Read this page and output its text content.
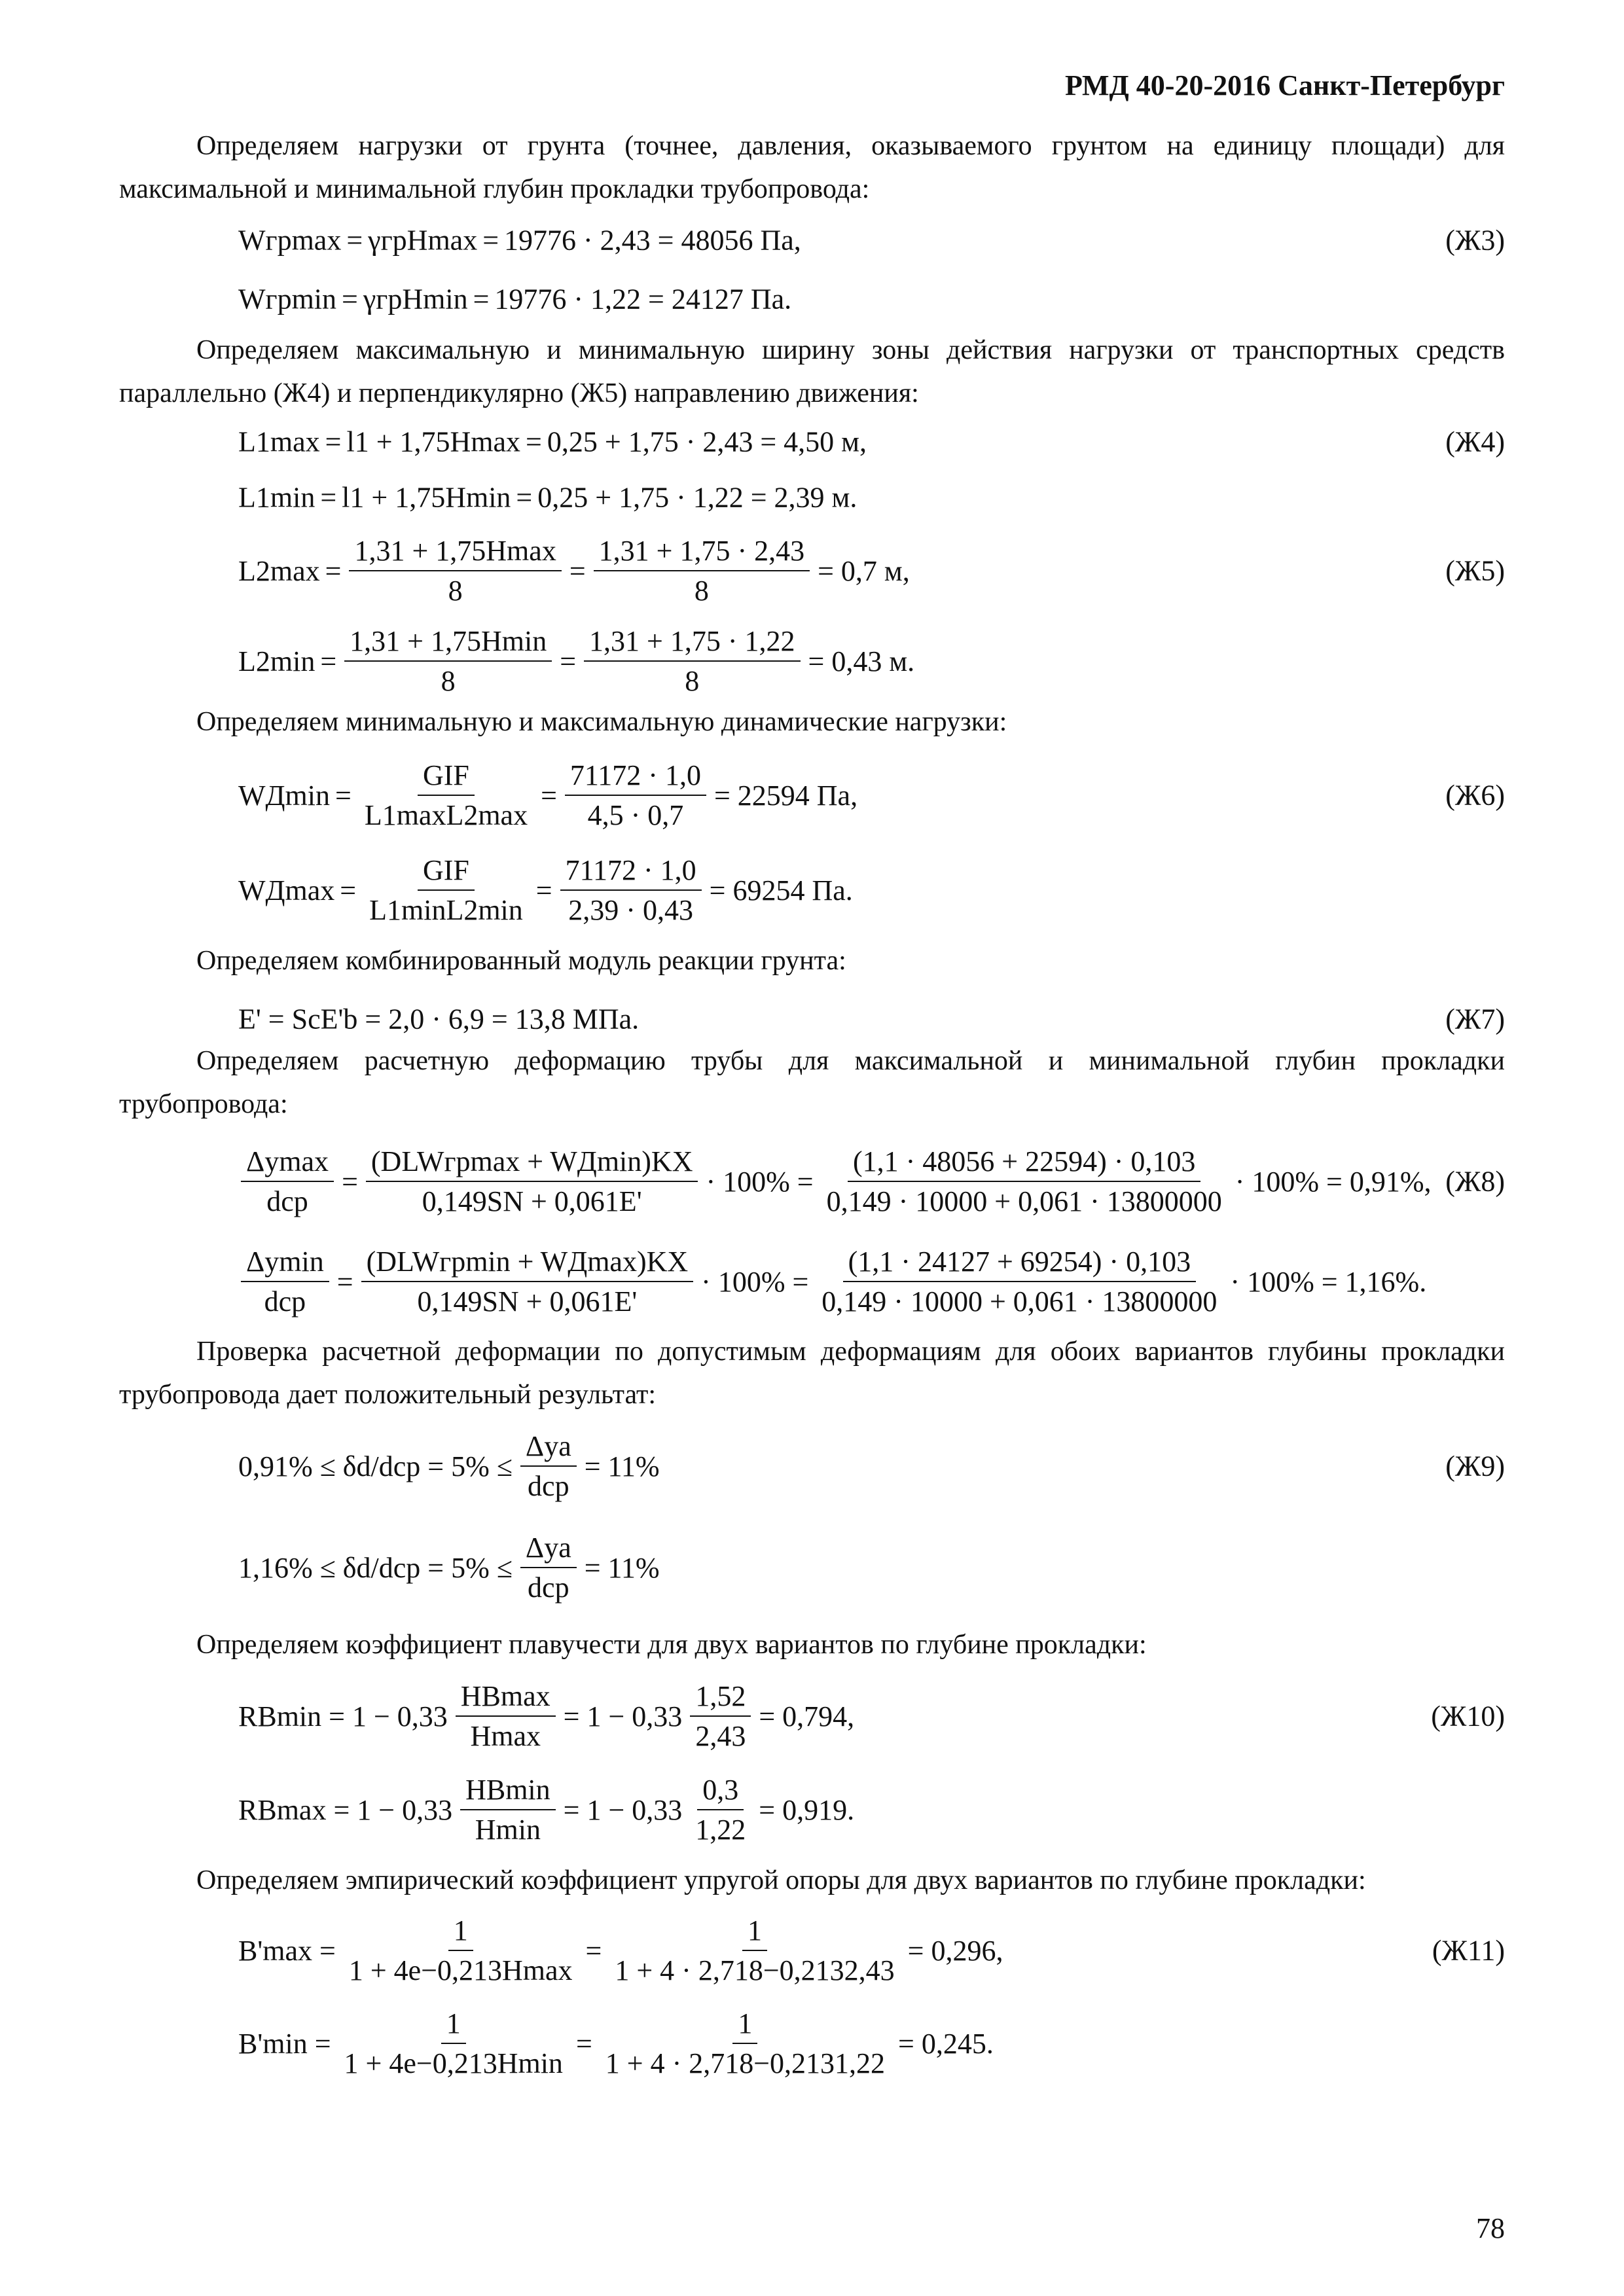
РМД 40-20-2016 Санкт-Петербург

Определяем нагрузки от грунта (точнее, давления, оказываемого грунтом на единицу площади) для максимальной и минимальной глубин прокладки трубопровода:

Wгрmax = γгрHmax = 19776 · 2,43 = 48056 Па,	(Ж3)
Wгрmin = γгрHmin = 19776 · 1,22 = 24127 Па.

Определяем максимальную и минимальную ширину зоны действия нагрузки от транспортных средств параллельно (Ж4) и перпендикулярно (Ж5) направлению движения:

L1max = l1 + 1,75Hmax = 0,25 + 1,75 · 2,43 = 4,50 м,	(Ж4)
L1min = l1 + 1,75Hmin = 0,25 + 1,75 · 1,22 = 2,39 м.
$L2\max = \frac{1,31 + 1,75Hmax}{8} = \frac{1,31 + 1,75 \cdot 2,43}{8} = 0,7$ м,	(Ж5)
$L2\min = \frac{1,31 + 1,75Hmin}{8} = \frac{1,31 + 1,75 \cdot 1,22}{8} = 0,43$ м.

Определяем минимальную и максимальную динамические нагрузки:

$WД\min = \frac{\text{GIF}}{L1\max L2\max} = \frac{71172 \cdot 1,0}{4,5 \cdot 0,7} = 22594$ Па,	(Ж6)
$WД\max = \frac{\text{GIF}}{L1\min L2\min} = \frac{71172 \cdot 1,0}{2,39 \cdot 0,43} = 69254$ Па.

Определяем комбинированный модуль реакции грунта:

E' = ScE'b = 2,0 · 6,9 = 13,8 МПа.	(Ж7)

Определяем расчетную деформацию трубы для максимальной и минимальной глубин прокладки трубопровода:

$\frac{\Delta ymax}{\text{dср}} = \frac{\text{(DLWгрmax + WДmin)KX}}{0,149SN + 0,061E'} \cdot 100\% = \frac{(1,1 \cdot 48056 + 22594) \cdot 0,103}{0,149 \cdot 10000 + 0,061 \cdot 13800000} \cdot 100\% = 0,91\%$, (Ж8)
$\frac{\Delta ymin}{\text{dср}} = \frac{\text{(DLWгрmin + WДmax)KX}}{0,149SN + 0,061E'} \cdot 100\% = \frac{(1,1 \cdot 24127 + 69254) \cdot 0,103}{0,149 \cdot 10000 + 0,061 \cdot 13800000} \cdot 100\% = 1,16\%$.

Проверка расчетной деформации по допустимым деформациям для обоих вариантов глубины прокладки трубопровода дает положительный результат:

$0,91\% \le \delta d/dср = 5\% \le \frac{\text{Δya}}{\text{dср}} = 11\%$	(Ж9)
$1,16\% \le \delta d/dср = 5\% \le \frac{\text{Δya}}{\text{dср}} = 11\%$

Определяем коэффициент плавучести для двух вариантов по глубине прокладки:

$RBmin = 1 - 0,33 \frac{HBmax}{Hmax} = 1 - 0,33 \frac{1,52}{2,43} = 0,794$,	(Ж10)
$RBmax = 1 - 0,33 \frac{HBmin}{Hmin} = 1 - 0,33 \frac{0,3}{1,22} = 0,919$.

Определяем эмпирический коэффициент упругой опоры для двух вариантов по глубине прокладки:

$B'\max = \frac{1}{1 + 4e-0,213Hmax} = \frac{1}{1 + 4 \cdot 2,718-0,2132,43} = 0,296$,	(Ж11)
$B'\min = \frac{1}{1 + 4e-0,213Hmin} = \frac{1}{1 + 4 \cdot 2,718-0,2131,22} = 0,245$.
78
